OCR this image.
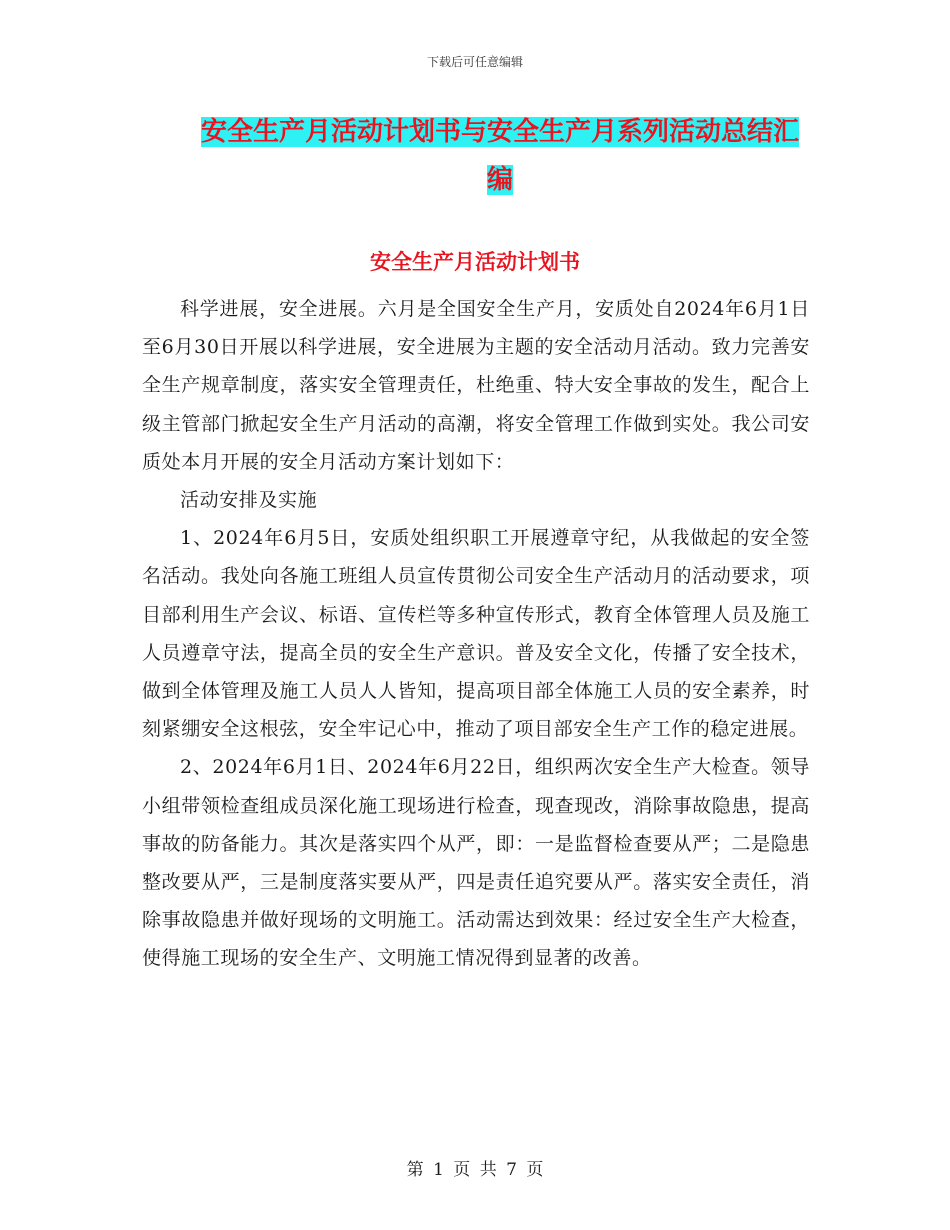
下载后可任意编辑
安全生产月活动计划书与安全生产月系列活动总结汇
编
安全生产月活动计划书

科学进展，安全进展。六月是全国安全生产月，安质处自2024年6月1日至6月30日开展以科学进展，安全进展为主题的安全活动月活动。致力完善安全生产规章制度，落实安全管理责任，杜绝重、特大安全事故的发生，配合上级主管部门掀起安全生产月活动的高潮，将安全管理工作做到实处。我公司安质处本月开展的安全月活动方案计划如下：

活动安排及实施

1、2024年6月5日，安质处组织职工开展遵章守纪，从我做起的安全签名活动。我处向各施工班组人员宣传贯彻公司安全生产活动月的活动要求，项目部利用生产会议、标语、宣传栏等多种宣传形式，教育全体管理人员及施工人员遵章守法，提高全员的安全生产意识。普及安全文化，传播了安全技术，做到全体管理及施工人员人人皆知，提高项目部全体施工人员的安全素养，时刻紧绷安全这根弦，安全牢记心中，推动了项目部安全生产工作的稳定进展。

2、2024年6月1日、2024年6月22日，组织两次安全生产大检查。领导小组带领检查组成员深化施工现场进行检查，现查现改，消除事故隐患，提高事故的防备能力。其次是落实四个从严，即：一是监督检查要从严；二是隐患整改要从严，三是制度落实要从严，四是责任追究要从严。落实安全责任，消除事故隐患并做好现场的文明施工。活动需达到效果：经过安全生产大检查，使得施工现场的安全生产、文明施工情况得到显著的改善。

第 1 页 共 7 页
